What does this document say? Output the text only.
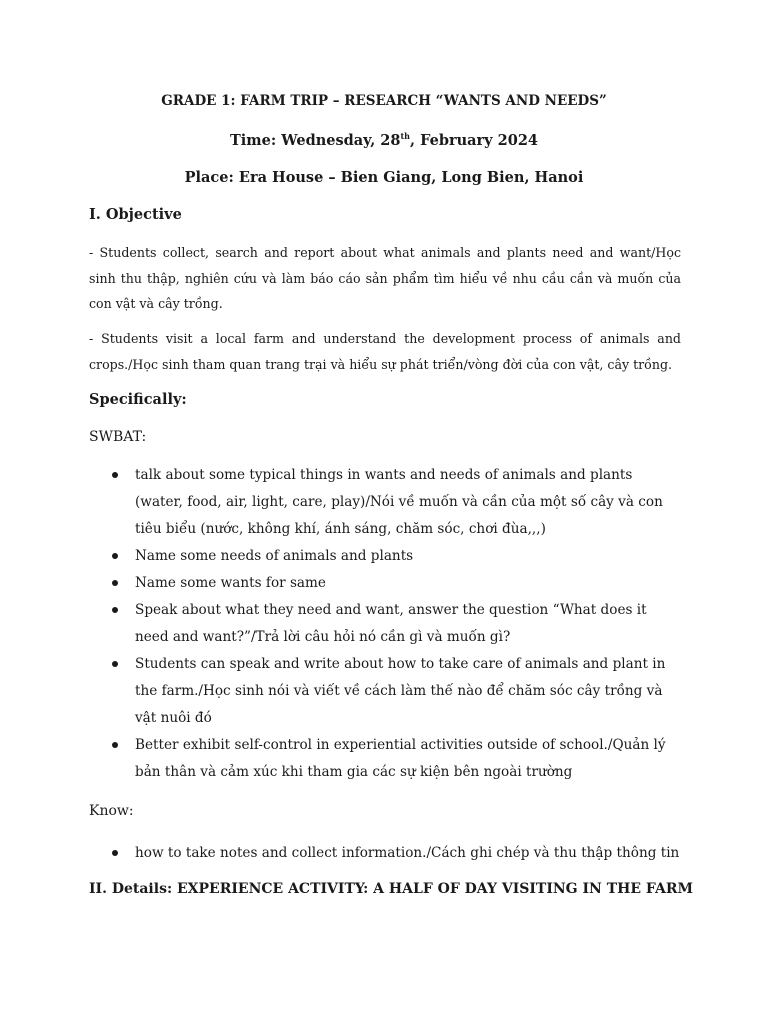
GRADE 1: FARM TRIP – RESEARCH “WANTS AND NEEDS”
Time: Wednesday, 28th, February 2024
Place: Era House – Bien Giang, Long Bien, Hanoi
I. Objective
- Students collect, search and report about what animals and plants need and want/Học sinh thu thập, nghiên cứu và làm báo cáo sản phẩm tìm hiểu về nhu cầu cần và muốn của con vật và cây trồng.
- Students visit a local farm and understand the development process of animals and crops./Học sinh tham quan trang trại và hiểu sự phát triển/vòng đời của con vật, cây trồng.
Specifically:
SWBAT:
talk about some typical things in wants and needs of animals and plants (water, food, air, light, care, play)/Nói về muốn và cần của một số cây và con tiêu biểu (nước, không khí, ánh sáng, chăm sóc, chơi đùa,,,)
Name some needs of animals and plants
Name some wants for same
Speak about what they need and want, answer the question “What does it need and want?”/Trả lời câu hỏi nó cần gì và muốn gì?
Students can speak and write about how to take care of animals and plant in the farm./Học sinh nói và viết về cách làm thế nào để chăm sóc cây trồng và vật nuôi đó
Better exhibit self-control in experiential activities outside of school./Quản lý bản thân và cảm xúc khi tham gia các sự kiện bên ngoài trường
Know:
how to take notes and collect information./Cách ghi chép và thu thập thông tin
II. Details: EXPERIENCE ACTIVITY: A HALF OF DAY VISITING IN THE FARM
